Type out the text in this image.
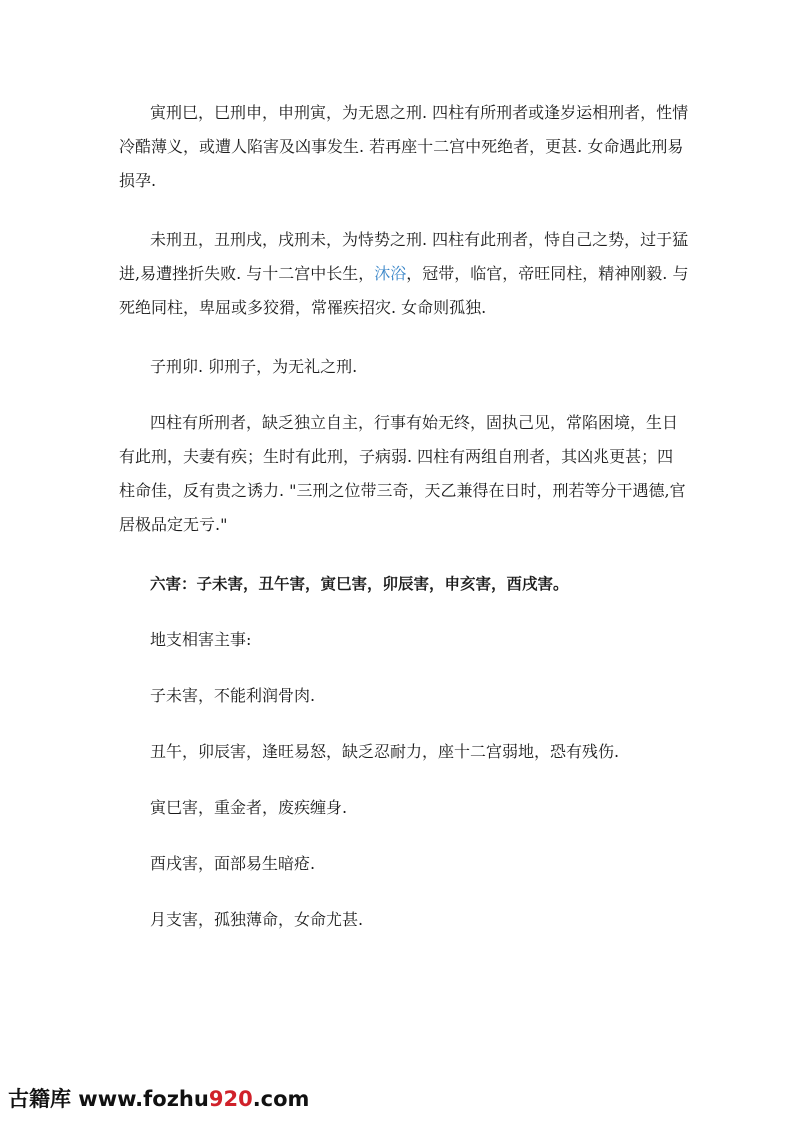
寅刑巳，巳刑申，申刑寅，为无恩之刑. 四柱有所刑者或逢岁运相刑者，性情冷酷薄义，或遭人陷害及凶事发生. 若再座十二宫中死绝者，更甚. 女命遇此刑易损孕.

未刑丑，丑刑戌，戌刑未，为恃势之刑. 四柱有此刑者，恃自己之势，过于猛进,易遭挫折失败. 与十二宫中长生，沐浴，冠带，临官，帝旺同柱，精神刚毅. 与死绝同柱，卑屈或多狡猾，常罹疾招灾. 女命则孤独.

子刑卯. 卯刑子，为无礼之刑.

四柱有所刑者，缺乏独立自主，行事有始无终，固执己见，常陷困境，生日有此刑，夫妻有疾；生时有此刑，子病弱. 四柱有两组自刑者，其凶兆更甚；四柱命佳，反有贵之诱力. "三刑之位带三奇，天乙兼得在日时，刑若等分干遇德,官居极品定无亏."

六害：子未害，丑午害，寅巳害，卯辰害，申亥害，酉戌害。

地支相害主事:

子未害，不能利润骨肉.

丑午，卯辰害，逢旺易怒，缺乏忍耐力，座十二宫弱地，恐有残伤.

寅巳害，重金者，废疾缠身.

酉戌害，面部易生暗疮.

月支害，孤独薄命，女命尤甚.

古籍库 www.fozhu920.com
